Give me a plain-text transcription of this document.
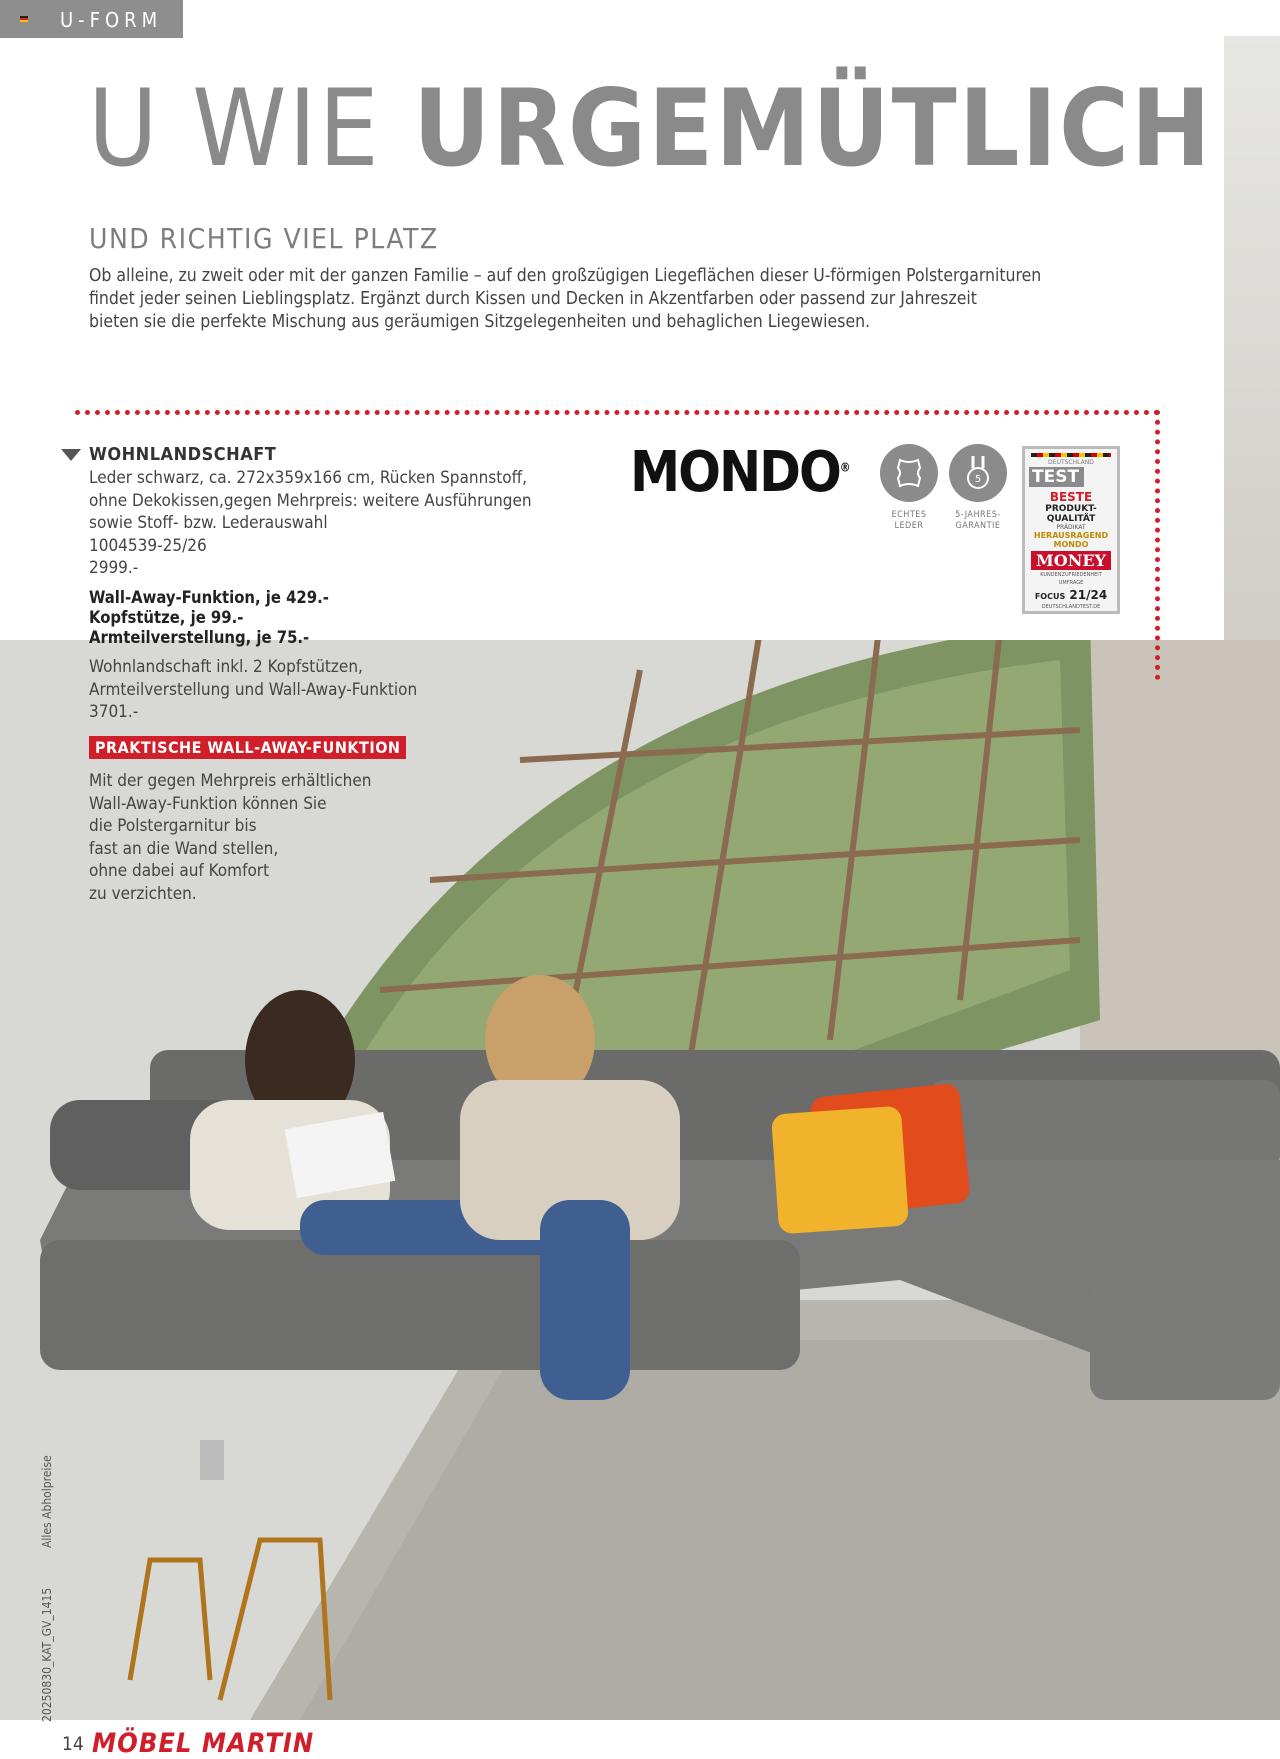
U-FORM
U WIE URGEMÜTLICH
UND RICHTIG VIEL PLATZ
Ob alleine, zu zweit oder mit der ganzen Familie – auf den großzügigen Liegeflächen dieser U-förmigen Polstergarnituren
findet jeder seinen Lieblingsplatz. Ergänzt durch Kissen und Decken in Akzentfarben oder passend zur Jahreszeit
bieten sie die perfekte Mischung aus geräumigen Sitzgelegenheiten und behaglichen Liegewiesen.
WOHNLANDSCHAFT
Leder schwarz, ca. 272x359x166 cm, Rücken Spannstoff,
ohne Dekokissen,gegen Mehrpreis: weitere Ausführungen
sowie Stoff- bzw. Lederauswahl
1004539-25/26
2999.-
Wall-Away-Funktion, je 429.-
Kopfstütze, je 99.-
Armteilverstellung, je 75.-
Wohnlandschaft inkl. 2 Kopfstützen,
Armteilverstellung und Wall-Away-Funktion
3701.-
PRAKTISCHE WALL-AWAY-FUNKTION
Mit der gegen Mehrpreis erhältlichen
Wall-Away-Funktion können Sie
die Polstergarnitur bis
fast an die Wand stellen,
ohne dabei auf Komfort
zu verzichten.
MONDO®
ECHTES
LEDER
5
5-JAHRES-
GARANTIE
DEUTSCHLAND
TEST
BESTE
PRODUKT-
QUALITÄT
PRÄDIKAT
HERAUSRAGEND
MONDO
MONEY
KUNDENZUFRIEDENHEIT
UMFRAGE
FOCUS 21/24
DEUTSCHLANDTEST.DE
Alles Abholpreise
20250830_KAT_GV_1415
14 MÖBEL MARTIN
